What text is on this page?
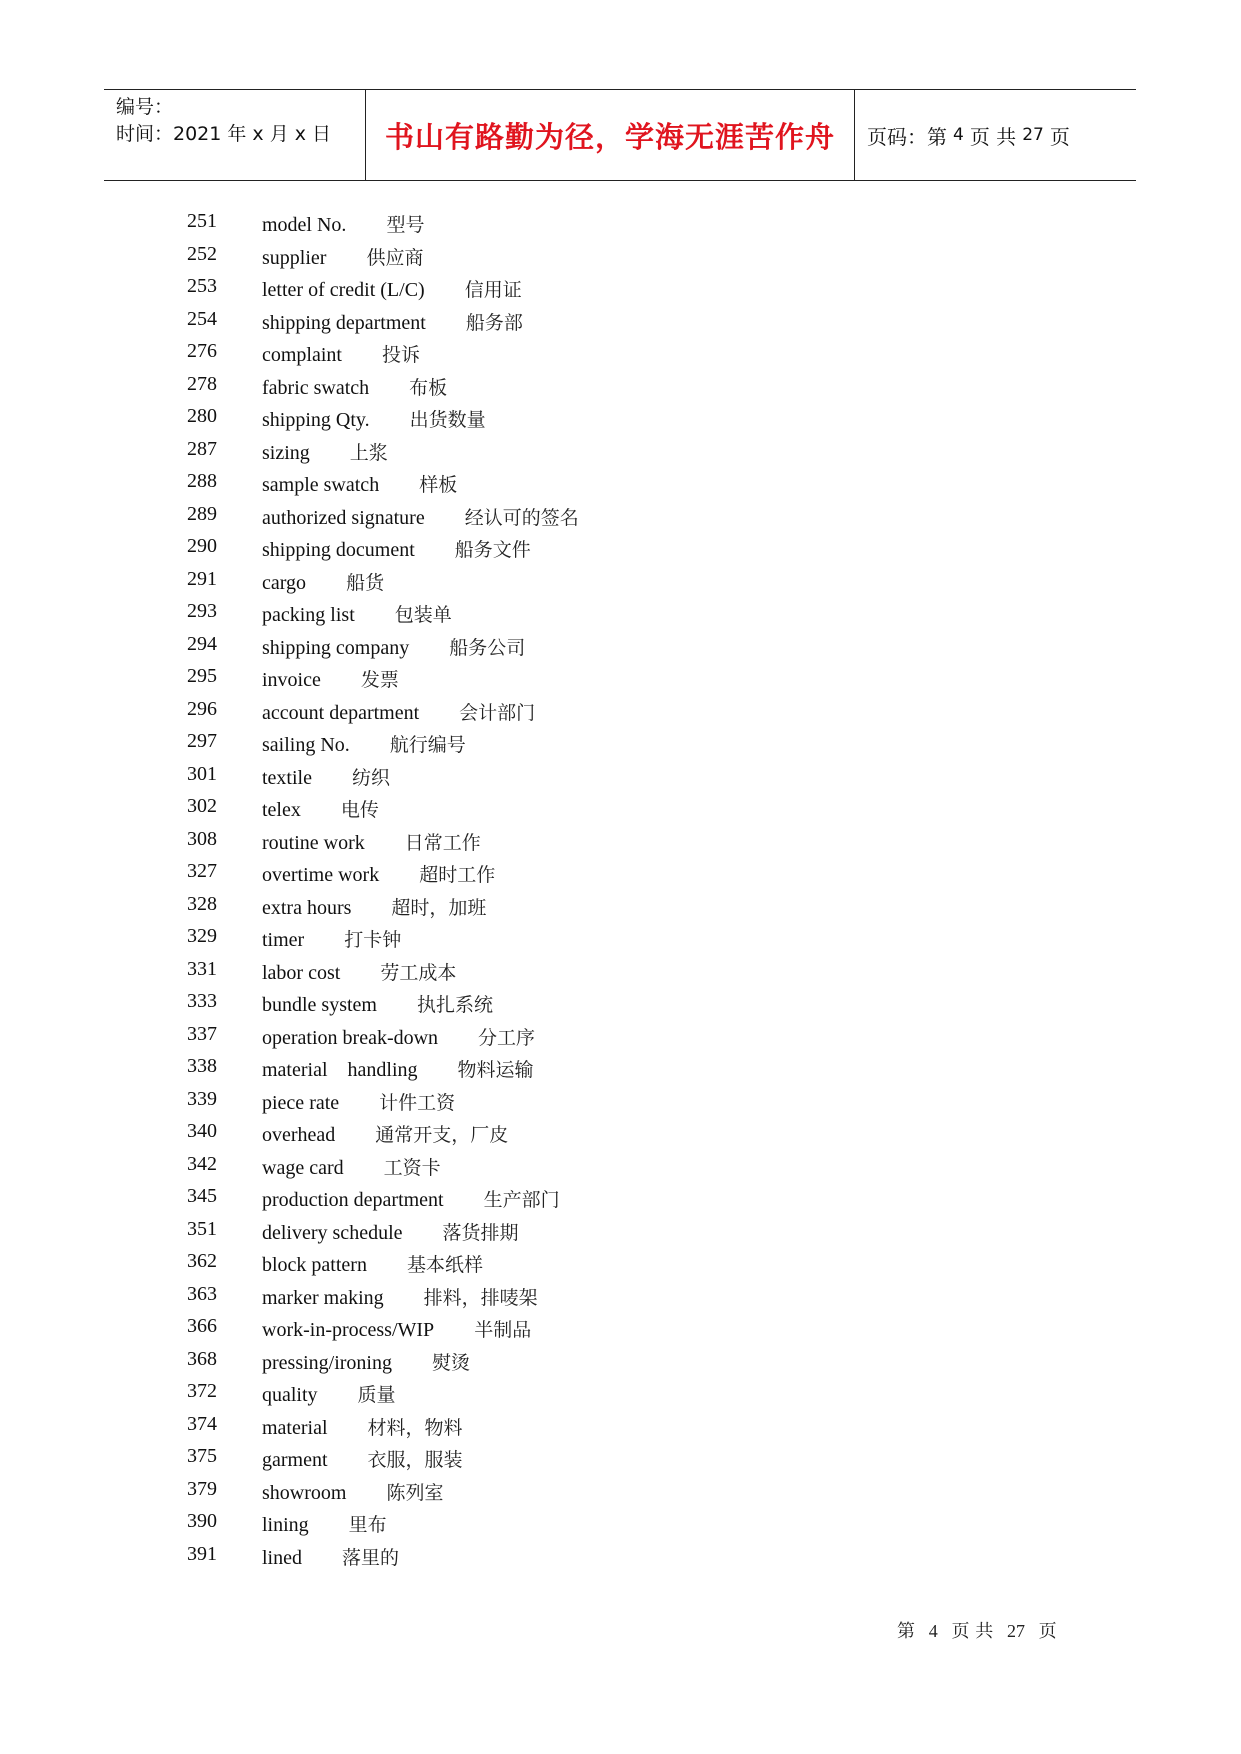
编号：
时间：2021 年 x 月 x 日	书山有路勤为径，学海无涯苦作舟 页码：第 4 页 共 27 页
251 model No. 型号
252 supplier 供应商
253 letter of credit (L/C) 信用证
254 shipping department 船务部
276 complaint 投诉
278 fabric swatch 布板
280 shipping Qty. 出货数量
287 sizing 上浆
288 sample swatch 样板
289 authorized signature 经认可的签名
290 shipping document 船务文件
291 cargo 船货
293 packing list 包装单
294 shipping company 船务公司
295 invoice 发票
296 account department 会计部门
297 sailing No. 航行编号
301 textile 纺织
302 telex 电传
308 routine work 日常工作
327 overtime work 超时工作
328 extra hours 超时，加班
329 timer 打卡钟
331 labor cost 劳工成本
333 bundle system 执扎系统
337 operation break-down 分工序
338 material    handling 物料运输
339 piece rate 计件工资
340 overhead 通常开支，厂皮
342 wage card 工资卡
345 production department 生产部门
351 delivery schedule 落货排期
362 block pattern 基本纸样
363 marker making 排料，排唛架
366 work-in-process/WIP 半制品
368 pressing/ironing 熨烫
372 quality 质量
374 material 材料，物料
375 garment 衣服，服装
379 showroom 陈列室
390 lining 里布
391 lined 落里的
第 4 页 共 27 页
